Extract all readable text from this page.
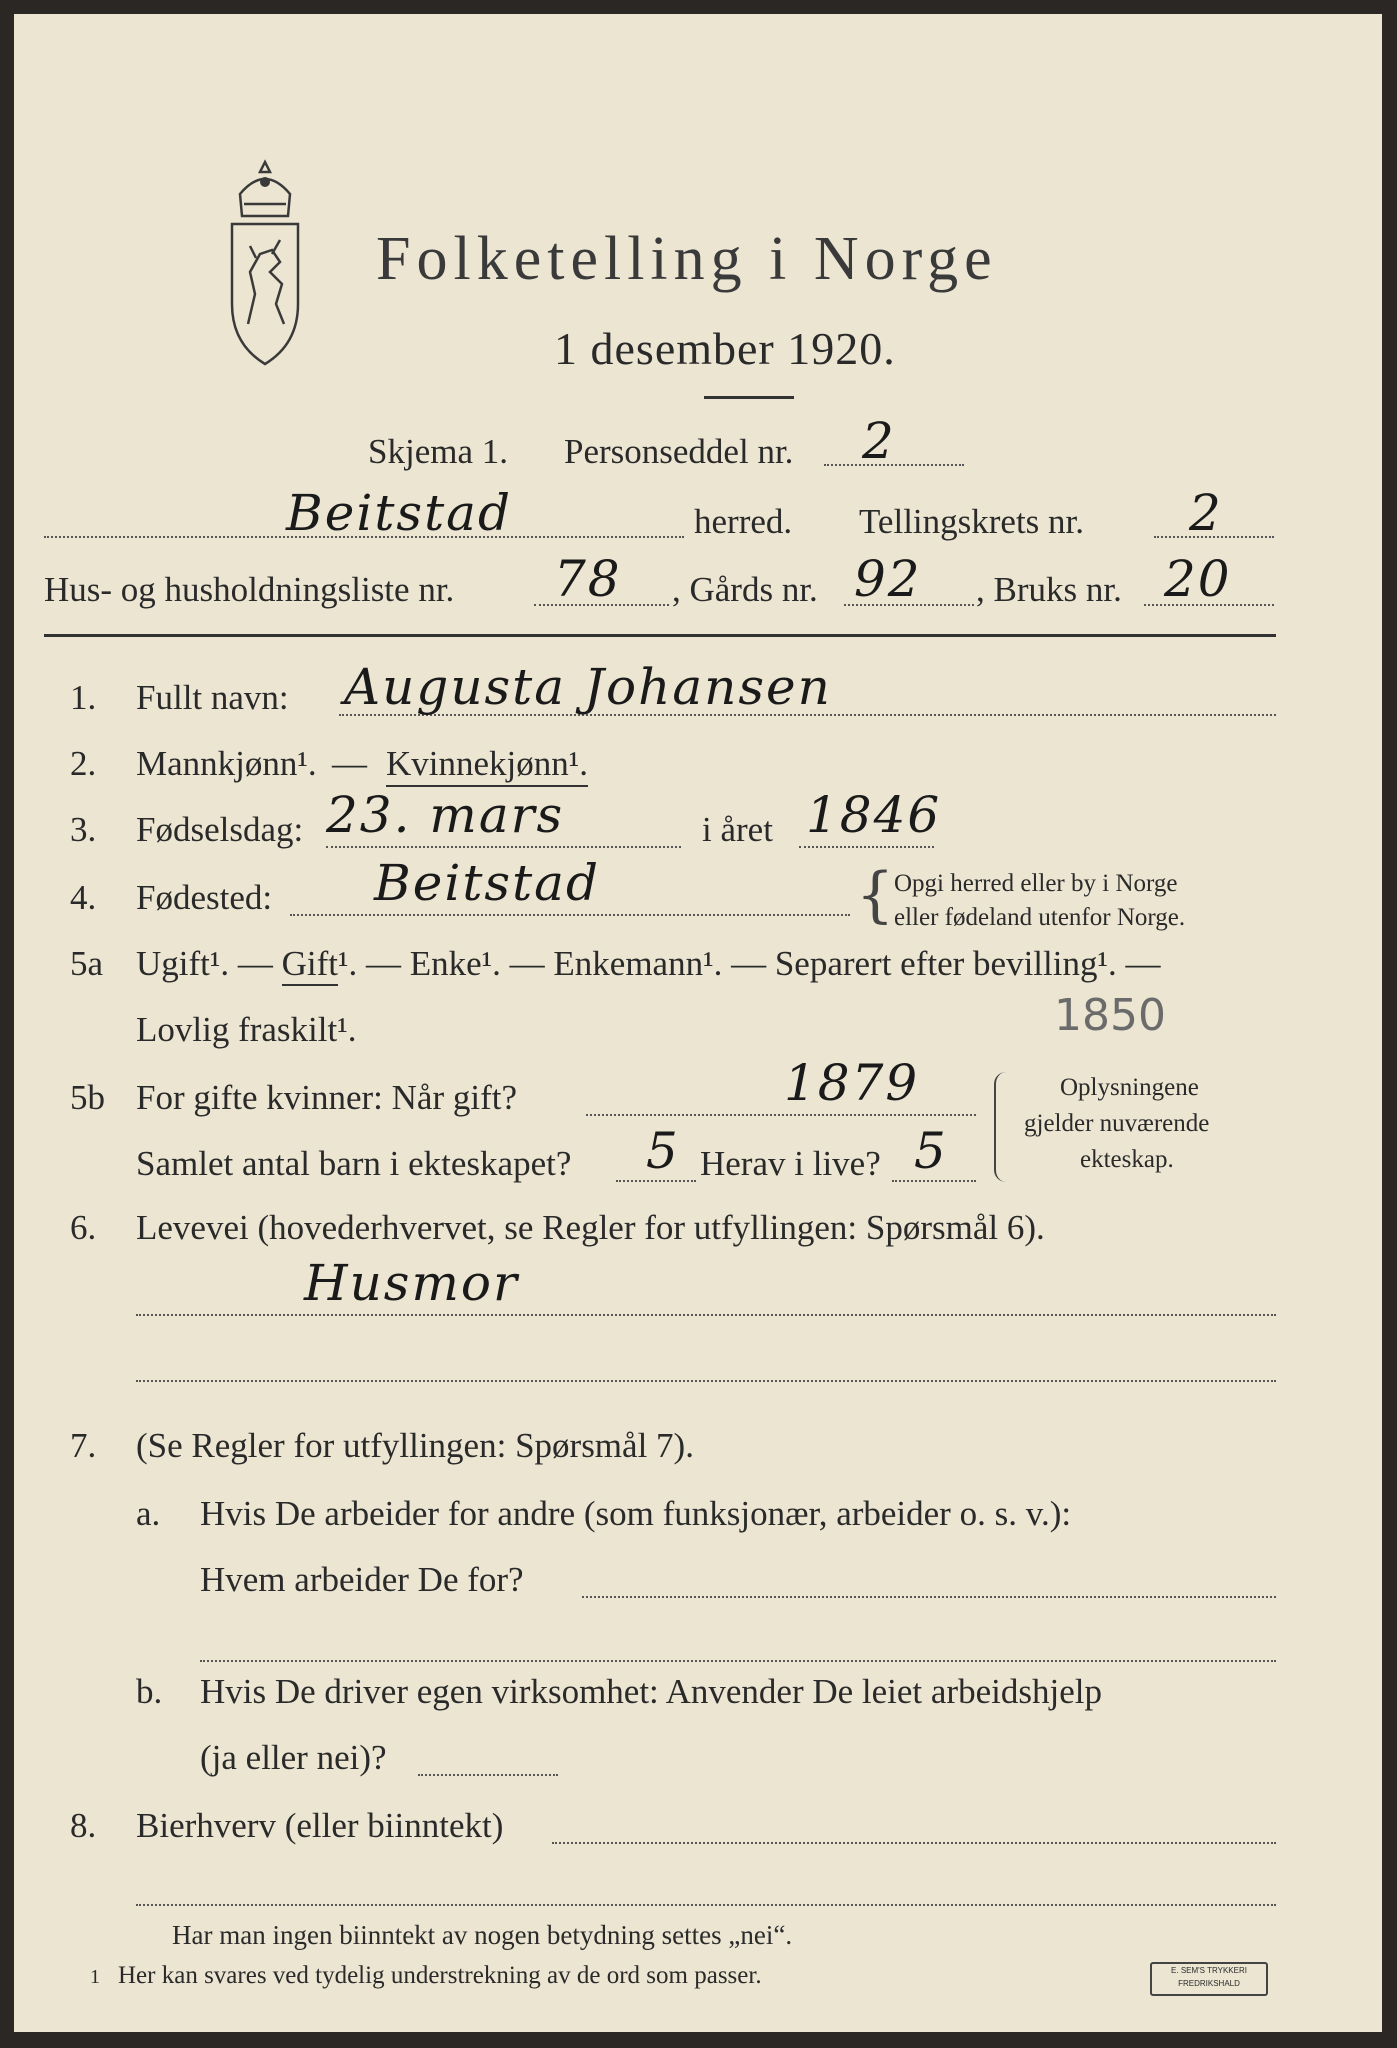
Folketelling i Norge
1 desember 1920.
Skjema 1. Personseddel nr. 2
Beitstad	herred. Tellingskrets nr. 2
Hus- og husholdningsliste nr. 78 , Gårds nr. 92 , Bruks nr. 20
1. Fullt navn: Augusta Johansen
2. Mannkjønn¹. — Kvinnekjønn¹.
3. Fødselsdag: 23. mars	i året 1846
4. Fødested: Beitstad	{ Opgi herred eller by i Norge
eller fødeland utenfor Norge.
5a Ugift¹. — Gift¹. — Enke¹. — Enkemann¹. — Separert efter bevilling¹. —
Lovlig fraskilt¹.	1850
5b For gifte kvinner: Når gift?	1879
Samlet antal barn i ekteskapet? 5 Herav i live? 5
Oplysningene
gjelder nuværende
ekteskap.
6. Levevei (hovederhvervet, se Regler for utfyllingen: Spørsmål 6).
Husmor
7. (Se Regler for utfyllingen: Spørsmål 7).
a. Hvis De arbeider for andre (som funksjonær, arbeider o. s. v.):
Hvem arbeider De for?
b. Hvis De driver egen virksomhet: Anvender De leiet arbeidshjelp
(ja eller nei)?
8. Bierhverv (eller biinntekt)
Har man ingen biinntekt av nogen betydning settes „nei“.
1 Her kan svares ved tydelig understrekning av de ord som passer.	E. SEM'S TRYKKERI
FREDRIKSHALD
